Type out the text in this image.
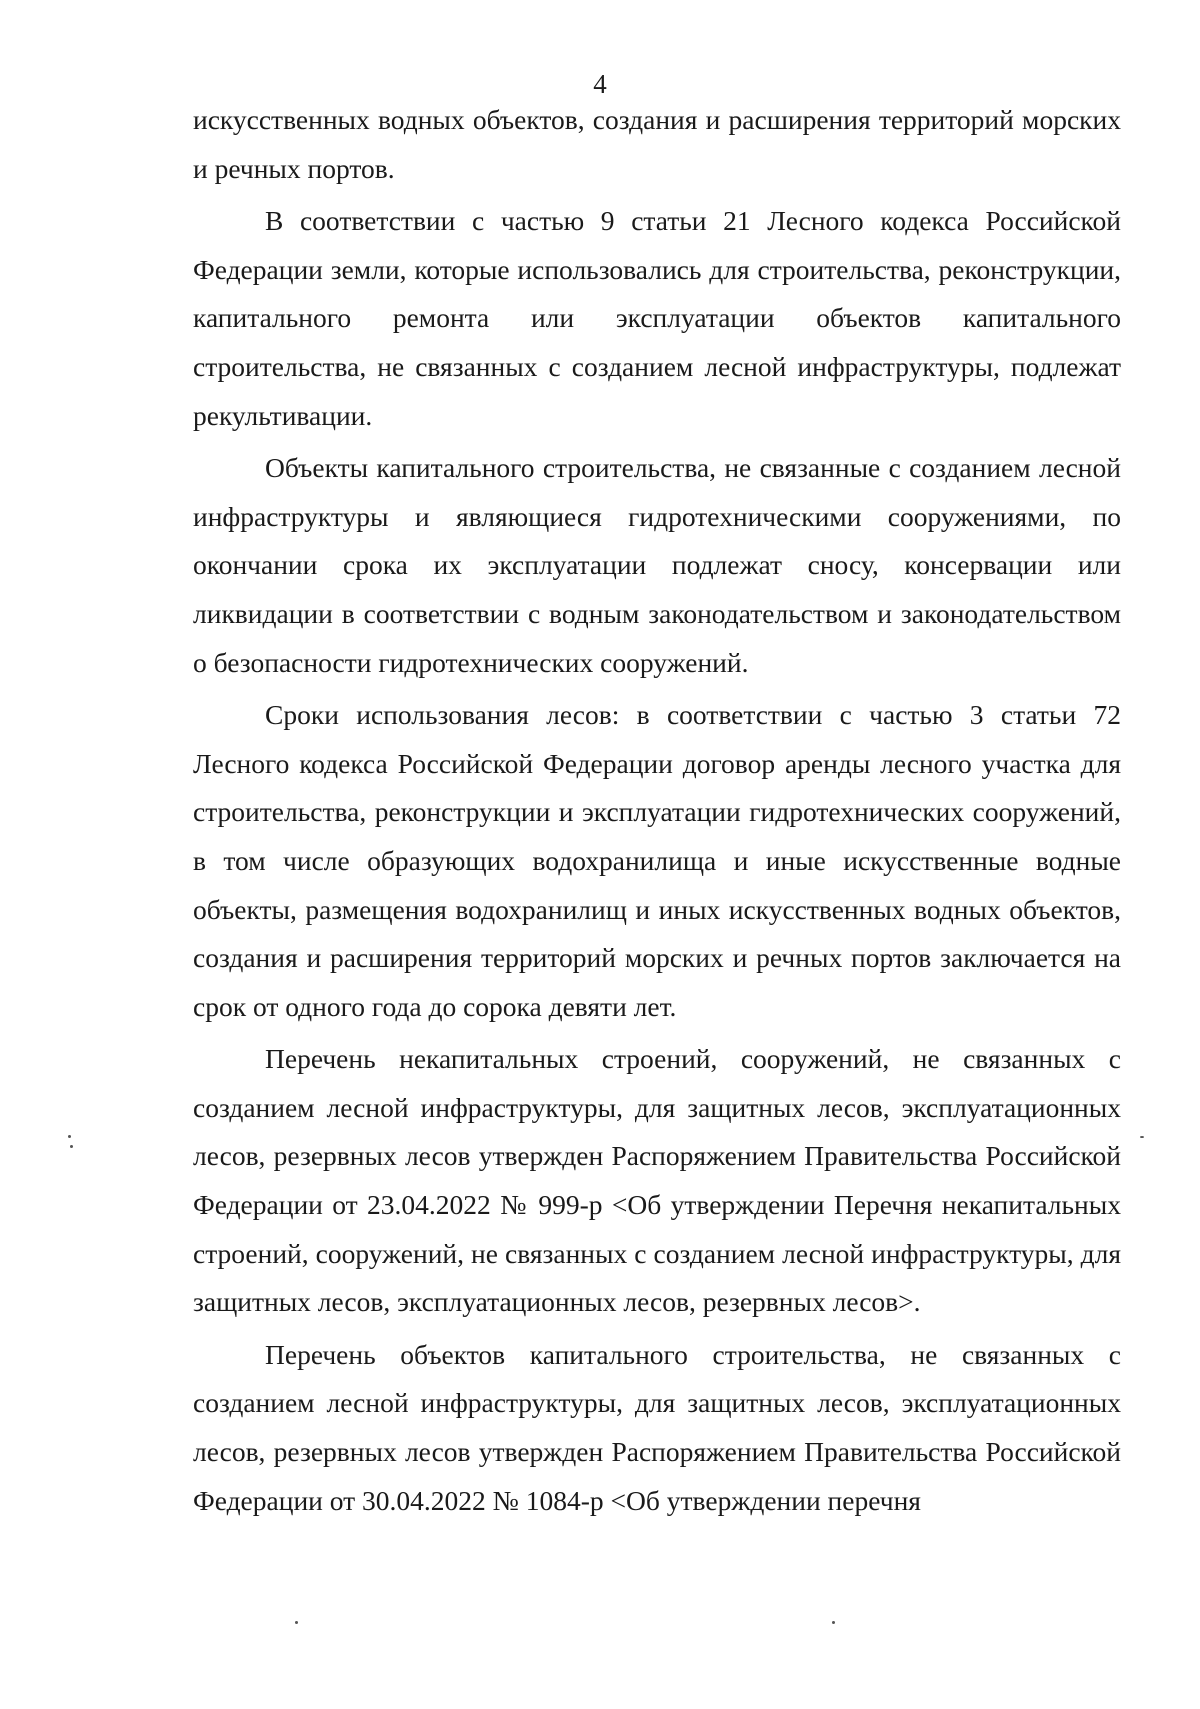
4

искусственных водных объектов, создания и расширения территорий морских и речных портов.

В соответствии с частью 9 статьи 21 Лесного кодекса Российской Федерации земли, которые использовались для строительства, реконструкции, капитального ремонта или эксплуатации объектов капитального строительства, не связанных с созданием лесной инфраструктуры, подлежат рекультивации.

Объекты капитального строительства, не связанные с созданием лесной инфраструктуры и являющиеся гидротехническими сооружениями, по окончании срока их эксплуатации подлежат сносу, консервации или ликвидации в соответствии с водным законодательством и законодательством о безопасности гидротехнических сооружений.

Сроки использования лесов: в соответствии с частью 3 статьи 72 Лесного кодекса Российской Федерации договор аренды лесного участка для строительства, реконструкции и эксплуатации гидротехнических сооружений, в том числе образующих водохранилища и иные искусственные водные объекты, размещения водохранилищ и иных искусственных водных объектов, создания и расширения территорий морских и речных портов заключается на срок от одного года до сорока девяти лет.

Перечень некапитальных строений, сооружений, не связанных с созданием лесной инфраструктуры, для защитных лесов, эксплуатационных лесов, резервных лесов утвержден Распоряжением Правительства Российской Федерации от 23.04.2022 № 999-р <Об утверждении Перечня некапитальных строений, сооружений, не связанных с созданием лесной инфраструктуры, для защитных лесов, эксплуатационных лесов, резервных лесов>.

Перечень объектов капитального строительства, не связанных с созданием лесной инфраструктуры, для защитных лесов, эксплуатационных лесов, резервных лесов утвержден Распоряжением Правительства Российской Федерации от 30.04.2022 № 1084-р <Об утверждении перечня
